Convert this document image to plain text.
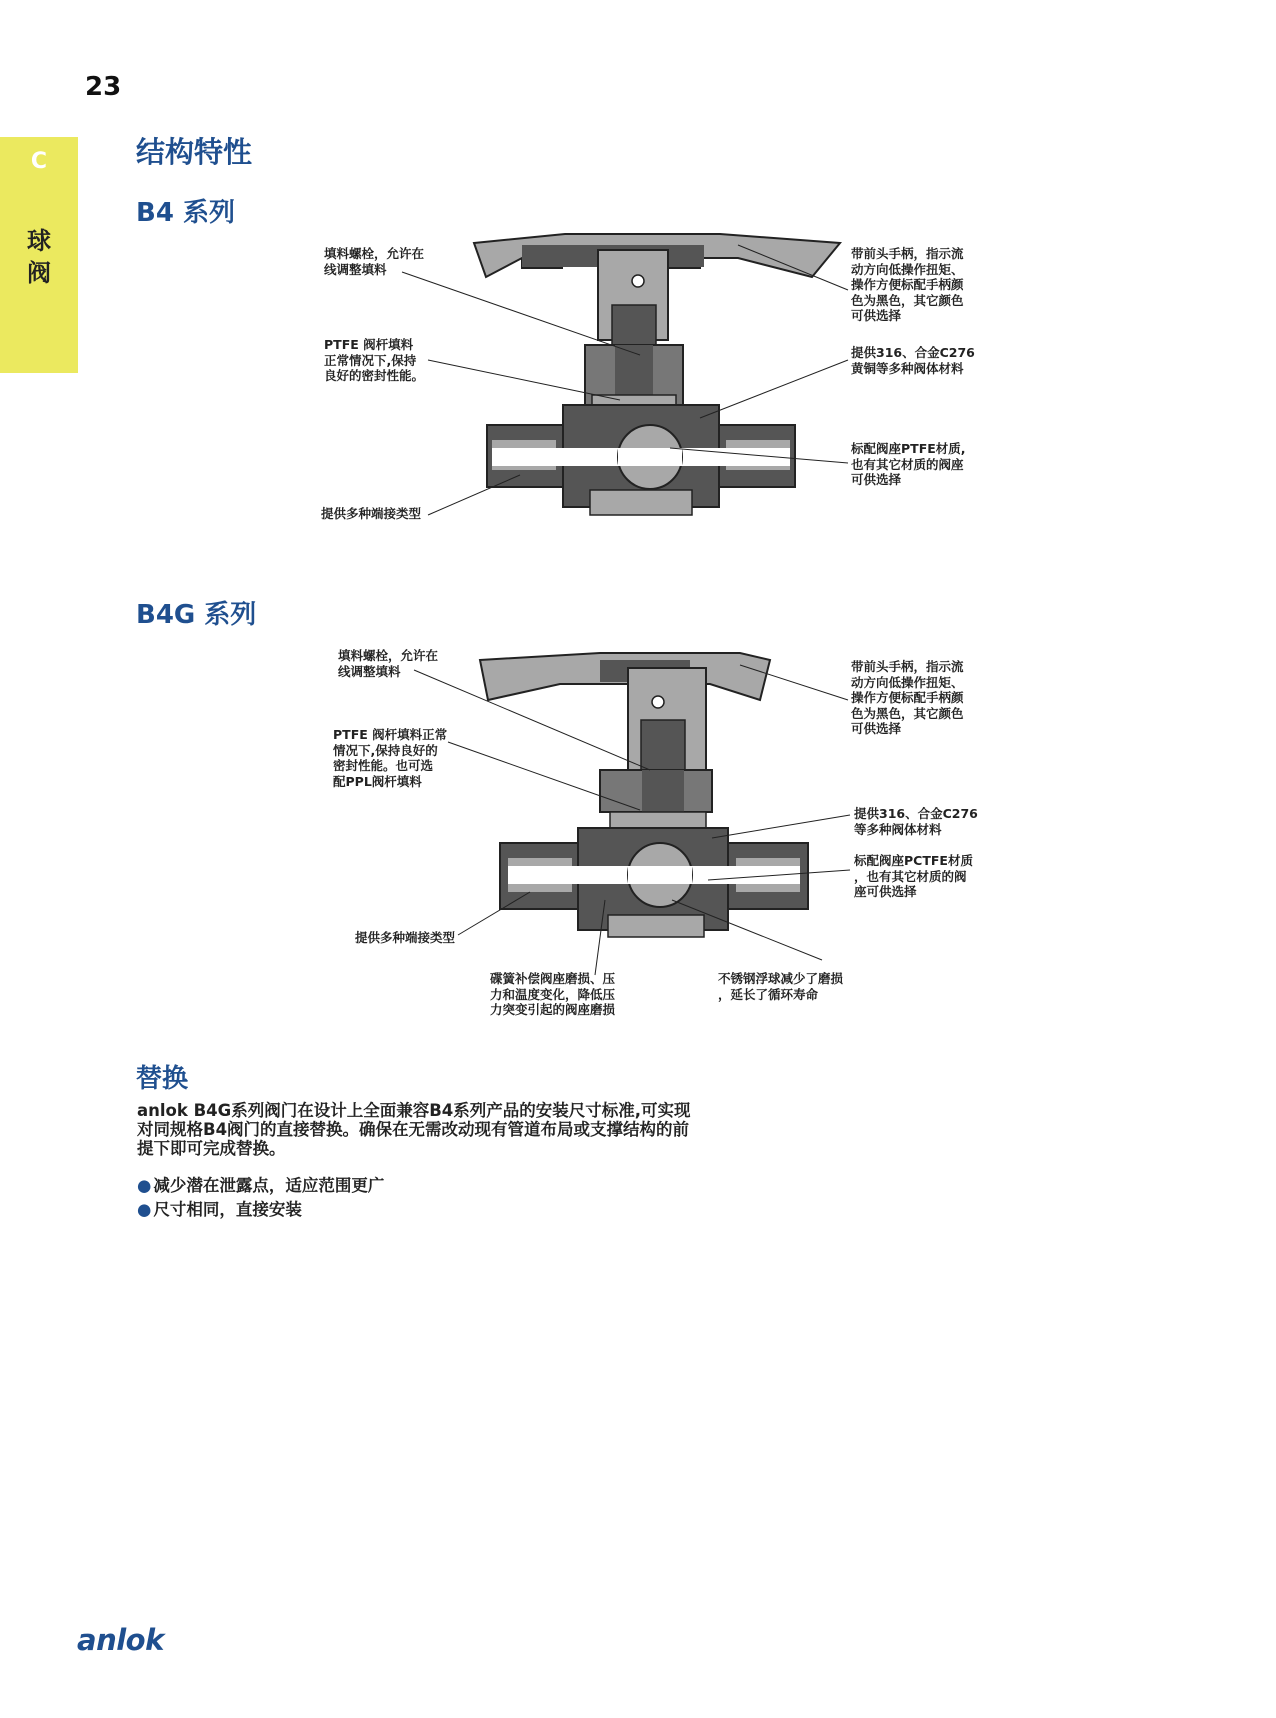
23
C
球
阀
结构特性
B4 系列
B4G 系列
填料螺栓，允许在
线调整填料
PTFE 阀杆填料
正常情况下,保持
良好的密封性能。
提供多种端接类型
带前头手柄，指示流
动方向低操作扭矩、
操作方便标配手柄颜
色为黑色，其它颜色
可供选择
提供316、合金C276
黄铜等多种阀体材料
标配阀座PTFE材质,
也有其它材质的阀座
可供选择
填料螺栓，允许在
线调整填料
PTFE 阀杆填料正常
情况下,保持良好的
密封性能。也可选
配PPL阀杆填料
提供多种端接类型
带前头手柄，指示流
动方向低操作扭矩、
操作方便标配手柄颜
色为黑色，其它颜色
可供选择
提供316、合金C276
等多种阀体材料
标配阀座PCTFE材质
，也有其它材质的阀
座可供选择
碟簧补偿阀座磨损、压
力和温度变化，降低压
力突变引起的阀座磨损
不锈钢浮球减少了磨损
，延长了循环寿命
替换
anlok B4G系列阀门在设计上全面兼容B4系列产品的安装尺寸标准,可实现对同规格B4阀门的直接替换。确保在无需改动现有管道布局或支撑结构的前提下即可完成替换。
● 减少潜在泄露点，适应范围更广
● 尺寸相同，直接安装
anlok
